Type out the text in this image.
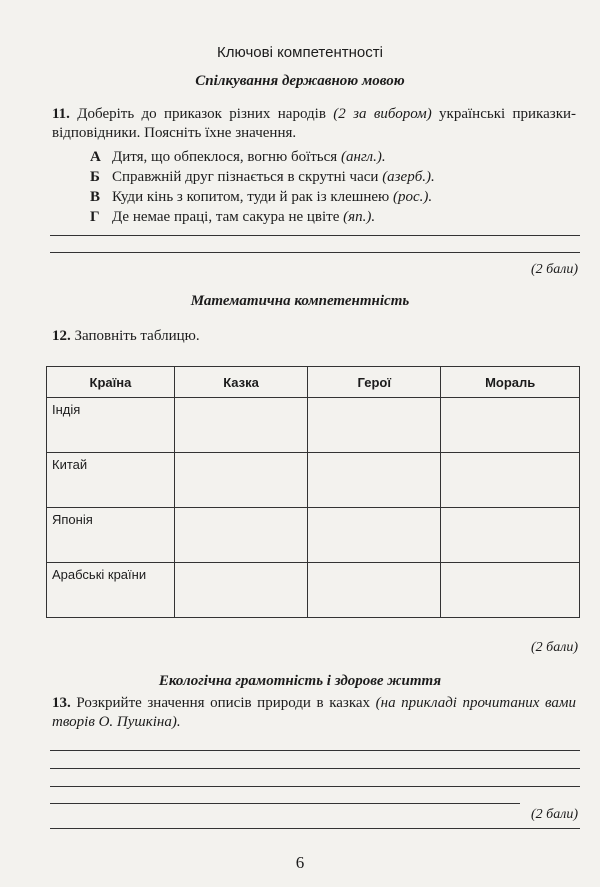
Ключові компетентності
Спілкування державною мовою
11. Доберіть до приказок різних народів (2 за вибором) українські приказки-відповідники. Поясніть їхне значення.
А Дитя, що обпеклося, вогню боїться (англ.).
Б Справжній друг пізнається в скрутні часи (азерб.).
В Куди кінь з копитом, туди й рак із клешнею (рос.).
Г Де немае праці, там сакура не цвіте (яп.).
(2 бали)
Математична компетентність
12. Заповніть таблицю.
Країна	Казка	Герої	Мораль
Індія			
Китай			
Японія			
Арабські країни			
(2 бали)
Екологічна грамотність і здорове життя
13. Розкрийте значення описів природи в казках (на прикладі прочитаних вами творів О. Пушкіна).
(2 бали)
6
